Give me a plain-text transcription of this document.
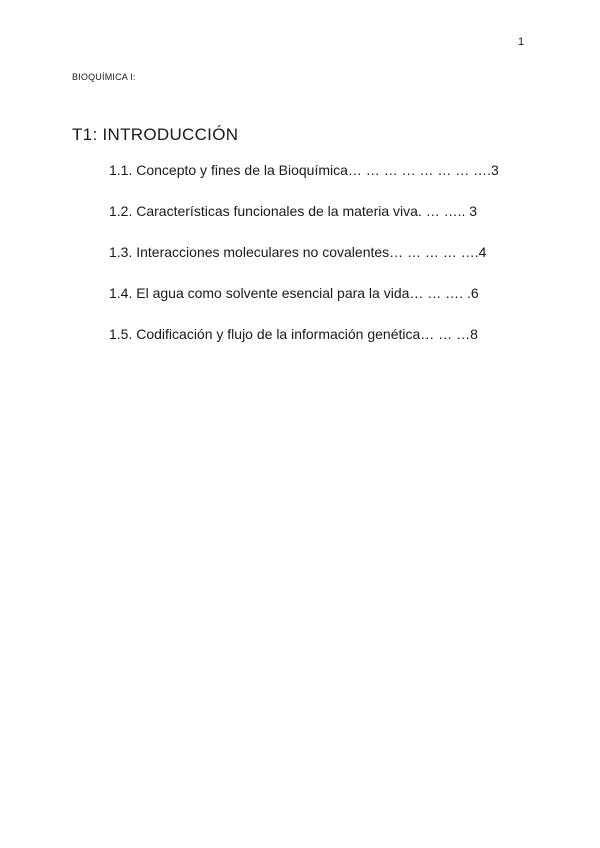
1
BIOQUÍMICA I:
T1: INTRODUCCIÓN
1.1. Concepto y fines de la Bioquímica… … … … … … … ….3
1.2. Características funcionales de la materia viva. … ….. 3
1.3. Interacciones moleculares no covalentes… … … … ….4
1.4. El agua como solvente esencial para la vida… … …. .6
1.5. Codificación y flujo de la información genética… … …8
